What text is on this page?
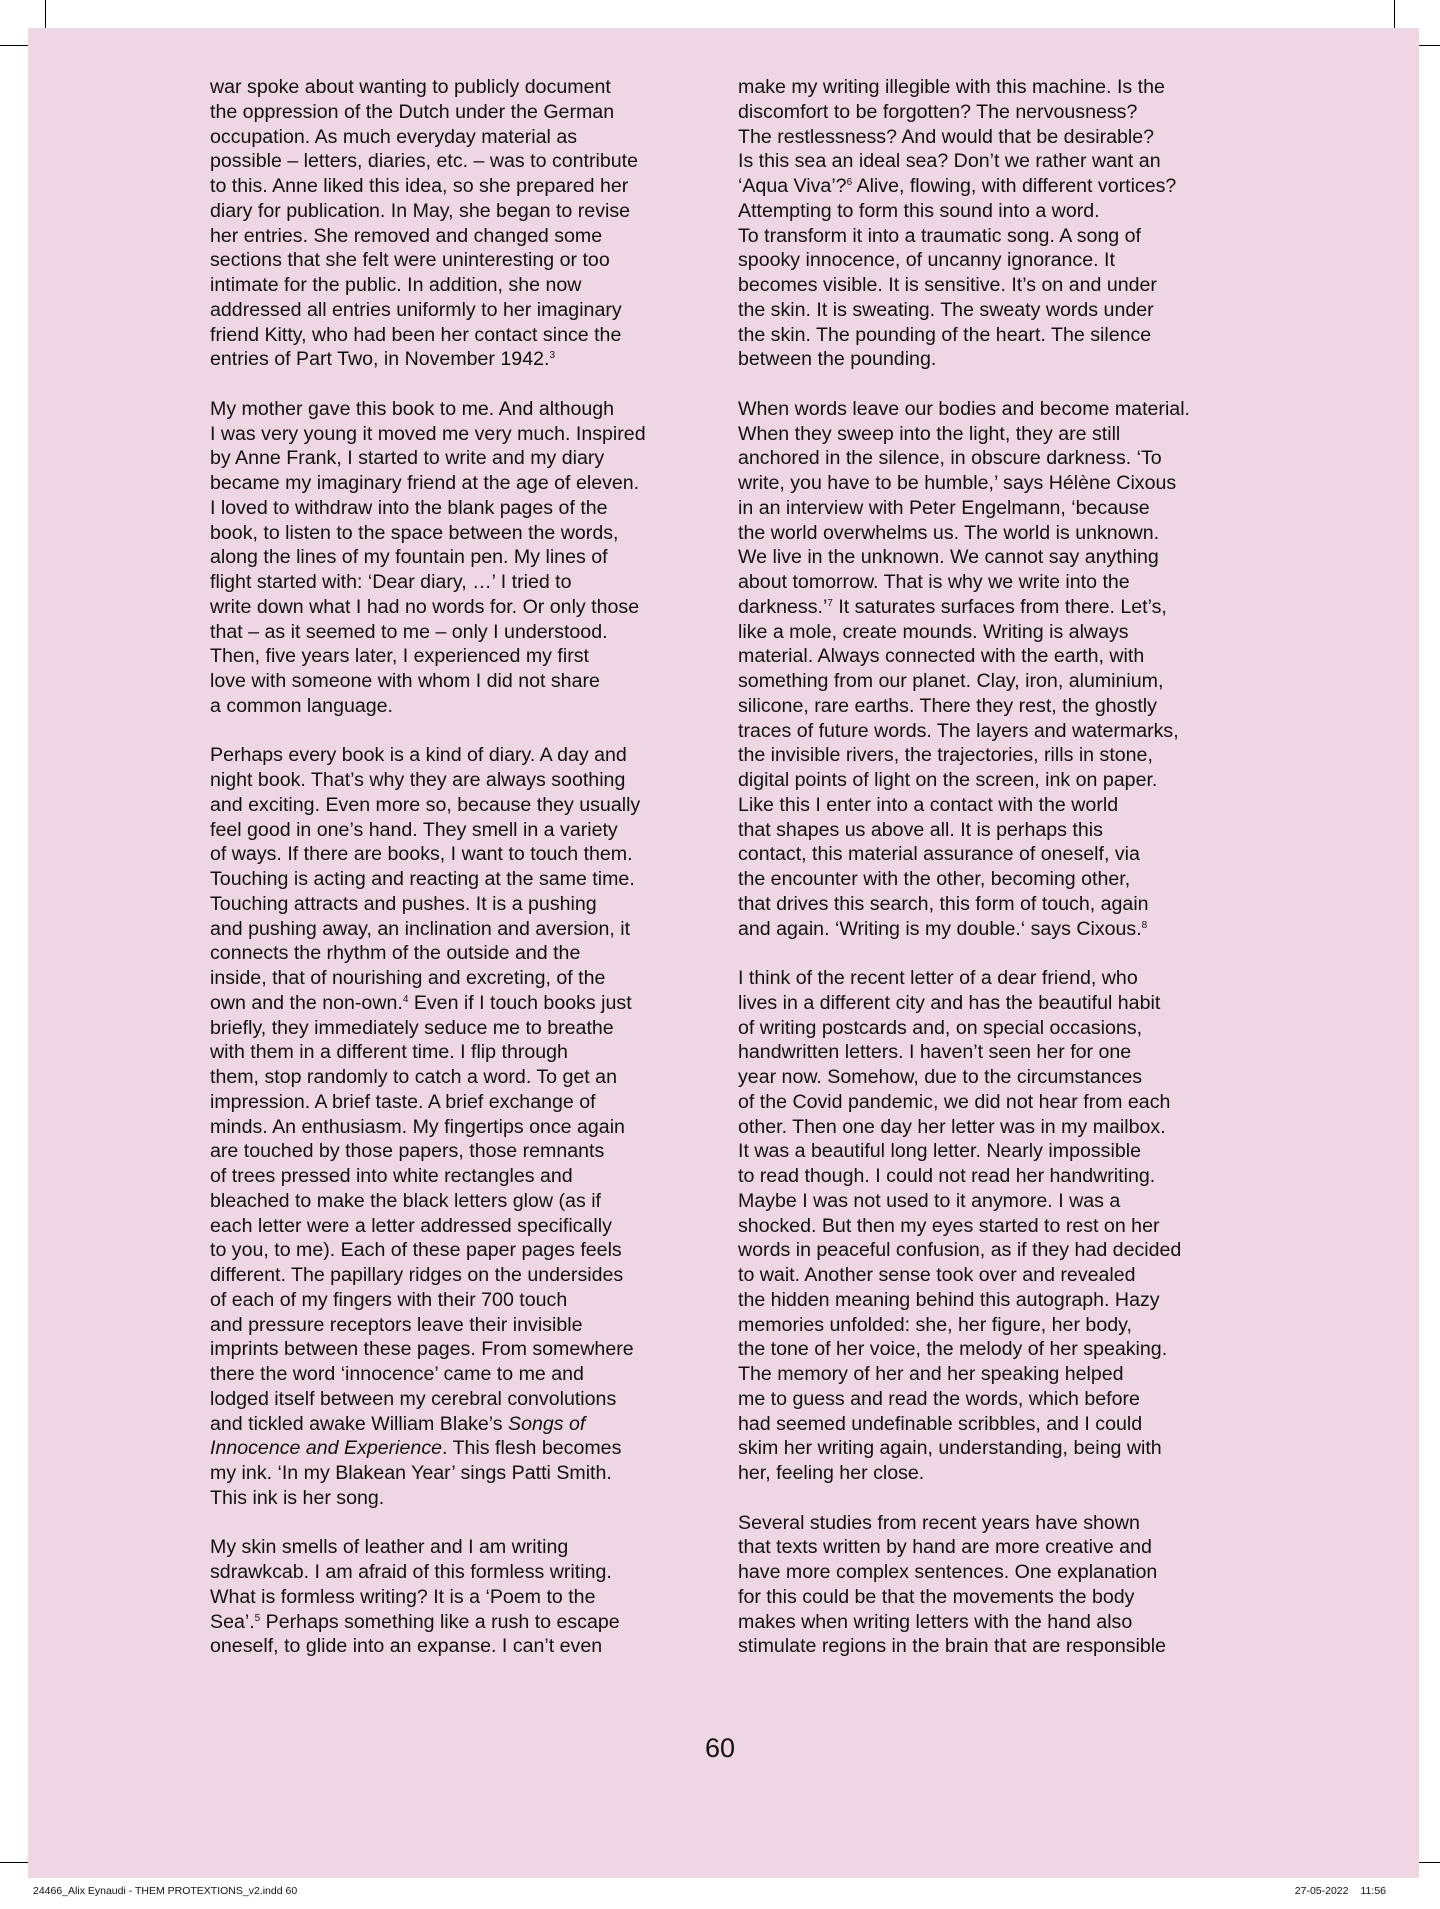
war spoke about wanting to publicly document
the oppression of the Dutch under the German
occupation. As much everyday material as
possible – letters, diaries, etc. – was to contribute
to this. Anne liked this idea, so she prepared her
diary for publication. In May, she began to revise
her entries. She removed and changed some
sections that she felt were uninteresting or too
intimate for the public. In addition, she now
addressed all entries uniformly to her imaginary
friend Kitty, who had been her contact since the
entries of Part Two, in November 1942.$^3$
My mother gave this book to me. And although
I was very young it moved me very much. Inspired
by Anne Frank, I started to write and my diary
became my imaginary friend at the age of eleven.
I loved to withdraw into the blank pages of the
book, to listen to the space between the words,
along the lines of my fountain pen. My lines of
flight started with: ‘Dear diary, …’ I tried to
write down what I had no words for. Or only those
that – as it seemed to me – only I understood.
Then, five years later, I experienced my first
love with someone with whom I did not share
a common language.
Perhaps every book is a kind of diary. A day and
night book. That’s why they are always soothing
and exciting. Even more so, because they usually
feel good in one’s hand. They smell in a variety
of ways. If there are books, I want to touch them.
Touching is acting and reacting at the same time.
Touching attracts and pushes. It is a pushing
and pushing away, an inclination and aversion, it
connects the rhythm of the outside and the
inside, that of nourishing and excreting, of the
own and the non-own.$^4$ Even if I touch books just
briefly, they immediately seduce me to breathe
with them in a different time. I flip through
them, stop randomly to catch a word. To get an
impression. A brief taste. A brief exchange of
minds. An enthusiasm. My fingertips once again
are touched by those papers, those remnants
of trees pressed into white rectangles and
bleached to make the black letters glow (as if
each letter were a letter addressed specifically
to you, to me). Each of these paper pages feels
different. The papillary ridges on the undersides
of each of my fingers with their 700 touch
and pressure receptors leave their invisible
imprints between these pages. From somewhere
there the word ‘innocence’ came to me and
lodged itself between my cerebral convolutions
and tickled awake William Blake’s Songs of
Innocence and Experience. This flesh becomes
my ink. ‘In my Blakean Year’ sings Patti Smith.
This ink is her song.
My skin smells of leather and I am writing
sdrawkcab. I am afraid of this formless writing.
What is formless writing? It is a ‘Poem to the
Sea’.$^5$ Perhaps something like a rush to escape
oneself, to glide into an expanse. I can’t even
make my writing illegible with this machine. Is the
discomfort to be forgotten? The nervousness?
The restlessness? And would that be desirable?
Is this sea an ideal sea? Don’t we rather want an
‘Aqua Viva’?$^6$ Alive, flowing, with different vortices?
Attempting to form this sound into a word.
To transform it into a traumatic song. A song of
spooky innocence, of uncanny ignorance. It
becomes visible. It is sensitive. It’s on and under
the skin. It is sweating. The sweaty words under
the skin. The pounding of the heart. The silence
between the pounding.
When words leave our bodies and become material.
When they sweep into the light, they are still
anchored in the silence, in obscure darkness. ‘To
write, you have to be humble,’ says Hélène Cixous
in an interview with Peter Engelmann, ‘because
the world overwhelms us. The world is unknown.
We live in the unknown. We cannot say anything
about tomorrow. That is why we write into the
darkness.’$^7$ It saturates surfaces from there. Let’s,
like a mole, create mounds. Writing is always
material. Always connected with the earth, with
something from our planet. Clay, iron, aluminium,
silicone, rare earths. There they rest, the ghostly
traces of future words. The layers and watermarks,
the invisible rivers, the trajectories, rills in stone,
digital points of light on the screen, ink on paper.
Like this I enter into a contact with the world
that shapes us above all. It is perhaps this
contact, this material assurance of oneself, via
the encounter with the other, becoming other,
that drives this search, this form of touch, again
and again. ‘Writing is my double.‘ says Cixous.$^8$
I think of the recent letter of a dear friend, who
lives in a different city and has the beautiful habit
of writing postcards and, on special occasions,
handwritten letters. I haven’t seen her for one
year now. Somehow, due to the circumstances
of the Covid pandemic, we did not hear from each
other. Then one day her letter was in my mailbox.
It was a beautiful long letter. Nearly impossible
to read though. I could not read her handwriting.
Maybe I was not used to it anymore. I was a
shocked. But then my eyes started to rest on her
words in peaceful confusion, as if they had decided
to wait. Another sense took over and revealed
the hidden meaning behind this autograph. Hazy
memories unfolded: she, her figure, her body,
the tone of her voice, the melody of her speaking.
The memory of her and her speaking helped
me to guess and read the words, which before
had seemed undefinable scribbles, and I could
skim her writing again, understanding, being with
her, feeling her close.
Several studies from recent years have shown
that texts written by hand are more creative and
have more complex sentences. One explanation
for this could be that the movements the body
makes when writing letters with the hand also
stimulate regions in the brain that are responsible
60
24466_Alix Eynaudi - THEM PROTEXTIONS_v2.indd 60	27-05-2022 11:56
